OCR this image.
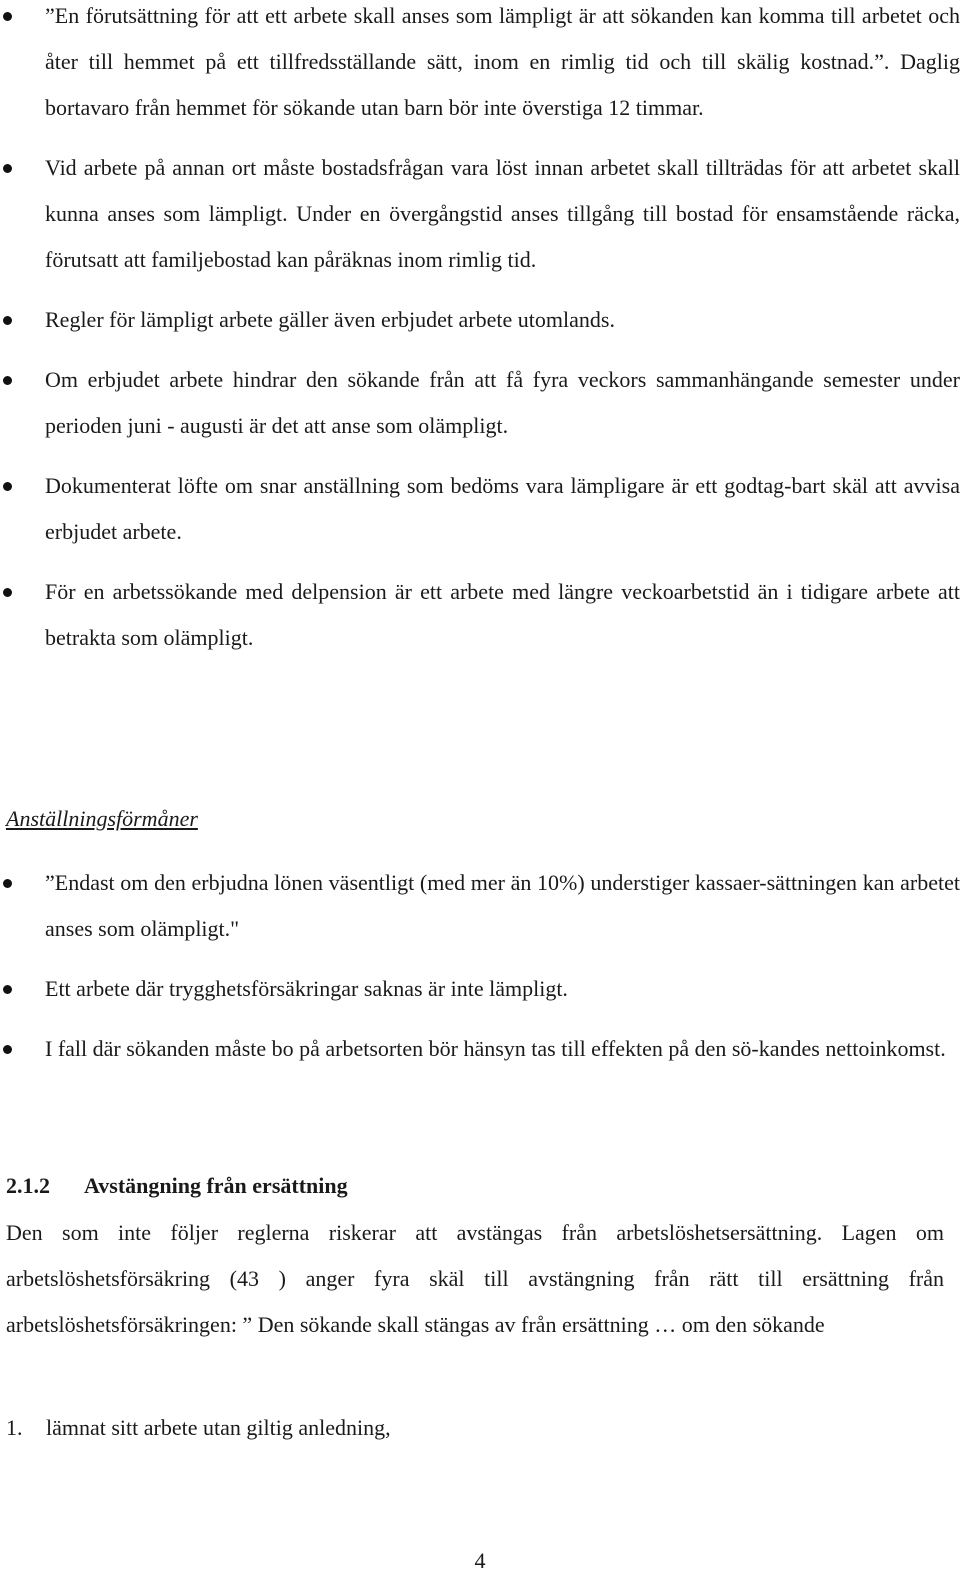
”En förutsättning för att ett arbete skall anses som lämpligt är att sökanden kan komma till arbetet och åter till hemmet på ett tillfredsställande sätt, inom en rimlig tid och till skälig kostnad.”. Daglig bortavaro från hemmet för sökande utan barn bör inte överstiga 12 timmar.
Vid arbete på annan ort måste bostadsfrågan vara löst innan arbetet skall tillträdas för att arbetet skall kunna anses som lämpligt. Under en övergångstid anses tillgång till bostad för ensamstående räcka, förutsatt att familjebostad kan påräknas inom rimlig tid.
Regler för lämpligt arbete gäller även erbjudet arbete utomlands.
Om erbjudet arbete hindrar den sökande från att få fyra veckors sammanhängande semester under perioden juni - augusti är det att anse som olämpligt.
Dokumenterat löfte om snar anställning som bedöms vara lämpligare är ett godtag-bart skäl att avvisa erbjudet arbete.
För en arbetssökande med delpension är ett arbete med längre veckoarbetstid än i tidigare arbete att betrakta som olämpligt.
Anställningsförmåner
”Endast om den erbjudna lönen väsentligt (med mer än 10%) understiger kassaer-sättningen kan arbetet anses som olämpligt."
Ett arbete där trygghetsförsäkringar saknas är inte lämpligt.
I fall där sökanden måste bo på arbetsorten bör hänsyn tas till effekten på den sö-kandes nettoinkomst.
2.1.2 Avstängning från ersättning

Den som inte följer reglerna riskerar att avstängas från arbetslöshetsersättning. Lagen om arbetslöshetsförsäkring (43 ) anger fyra skäl till avstängning från rätt till ersättning från arbetslöshetsförsäkringen: ” Den sökande skall stängas av från ersättning … om den sökande

1. lämnat sitt arbete utan giltig anledning,

4
